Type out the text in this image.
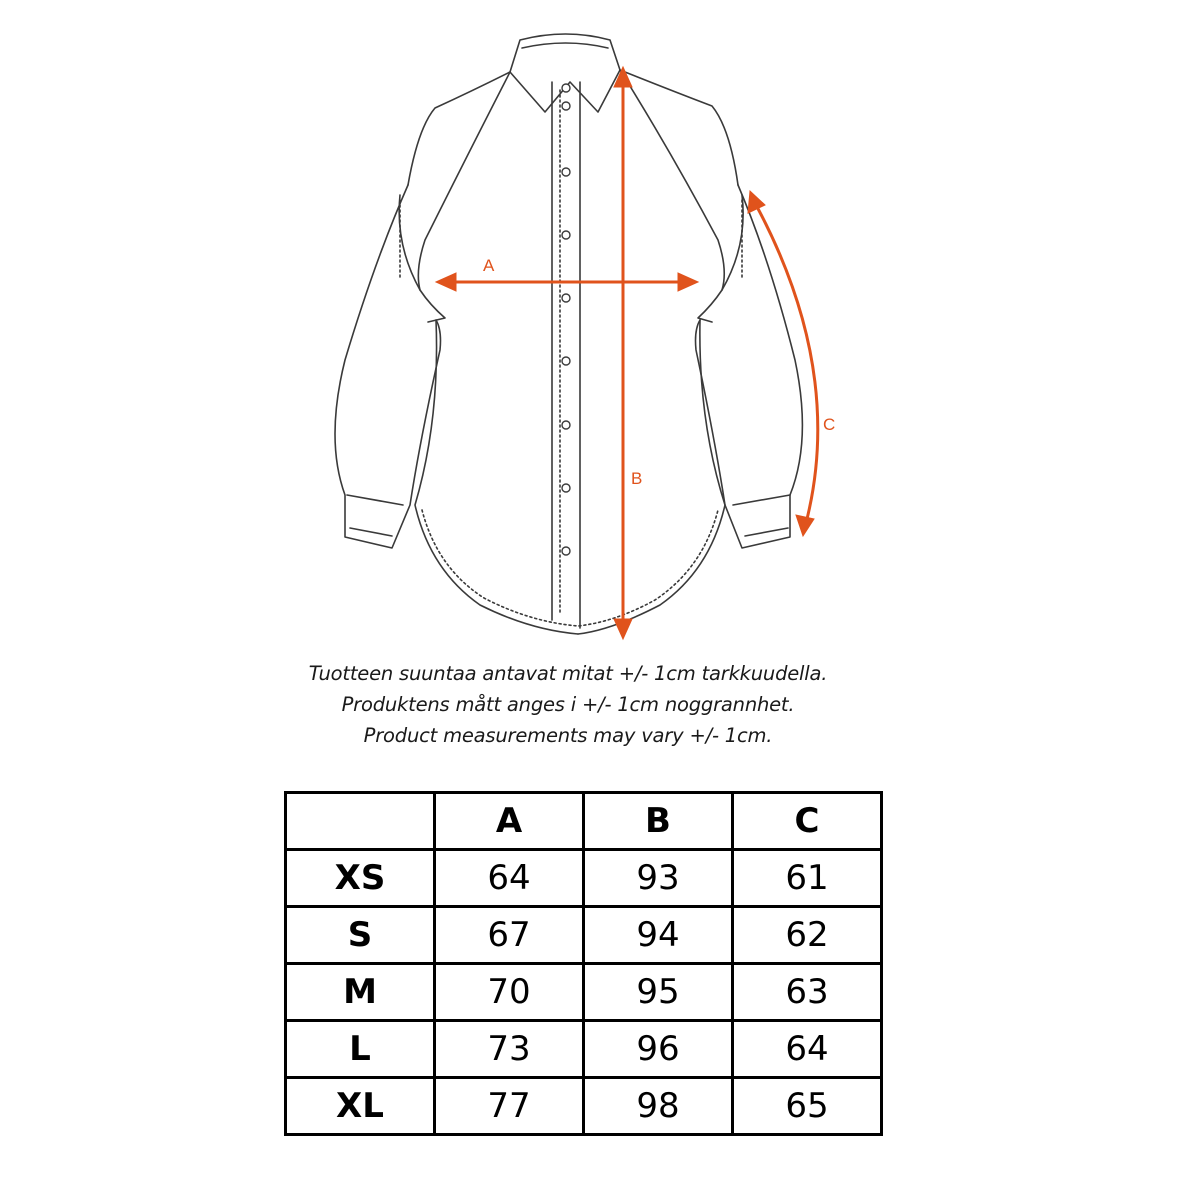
A
B
C
Tuotteen suuntaa antavat mitat +/- 1cm tarkkuudella.
Produktens mått anges i +/- 1cm noggrannhet.
Product measurements may vary +/- 1cm.
	A	B	C
XS	64	93	61
S	67	94	62
M	70	95	63
L	73	96	64
XL	77	98	65
